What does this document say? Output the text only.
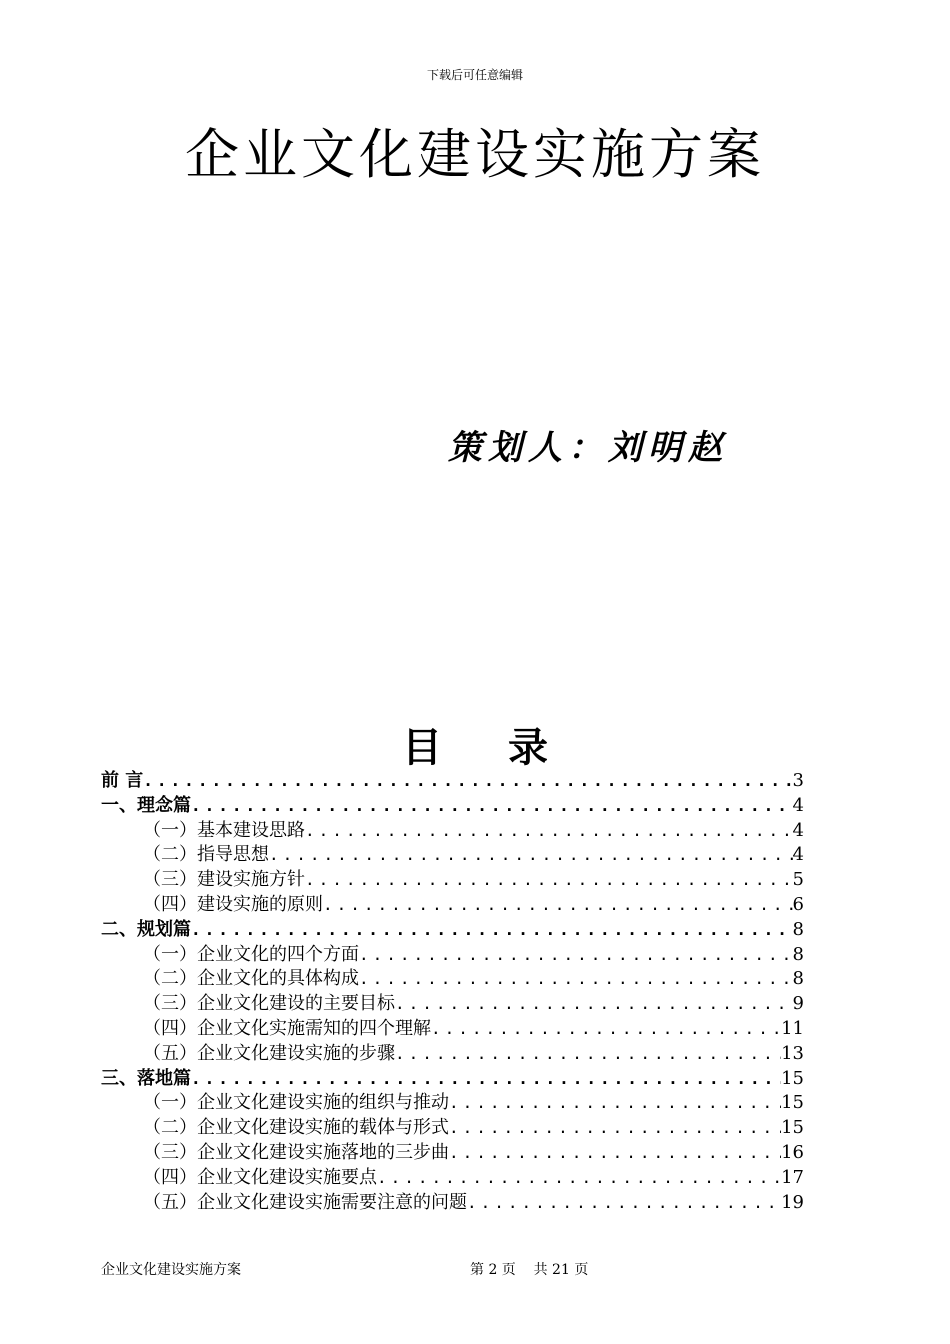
下载后可任意编辑
企业文化建设实施方案
策划人：刘明赵
目 录
前 言 .....	3
一、理念篇 .....	4
（一）基本建设思路 .....	4
（二）指导思想 .....	4
（三）建设实施方针 .....	5
（四）建设实施的原则 .....	6
二、规划篇 .....	8
（一）企业文化的四个方面 .....	8
（二）企业文化的具体构成 .....	8
（三）企业文化建设的主要目标 .....	9
（四）企业文化实施需知的四个理解 .....	11
（五）企业文化建设实施的步骤 .....	13
三、落地篇 .....	15
（一）企业文化建设实施的组织与推动 .....	15
（二）企业文化建设实施的载体与形式 .....	15
（三）企业文化建设实施落地的三步曲 .....	16
（四）企业文化建设实施要点 .....	17
（五）企业文化建设实施需要注意的问题 .....	19
企业文化建设实施方案	第 2 页    共 21 页
